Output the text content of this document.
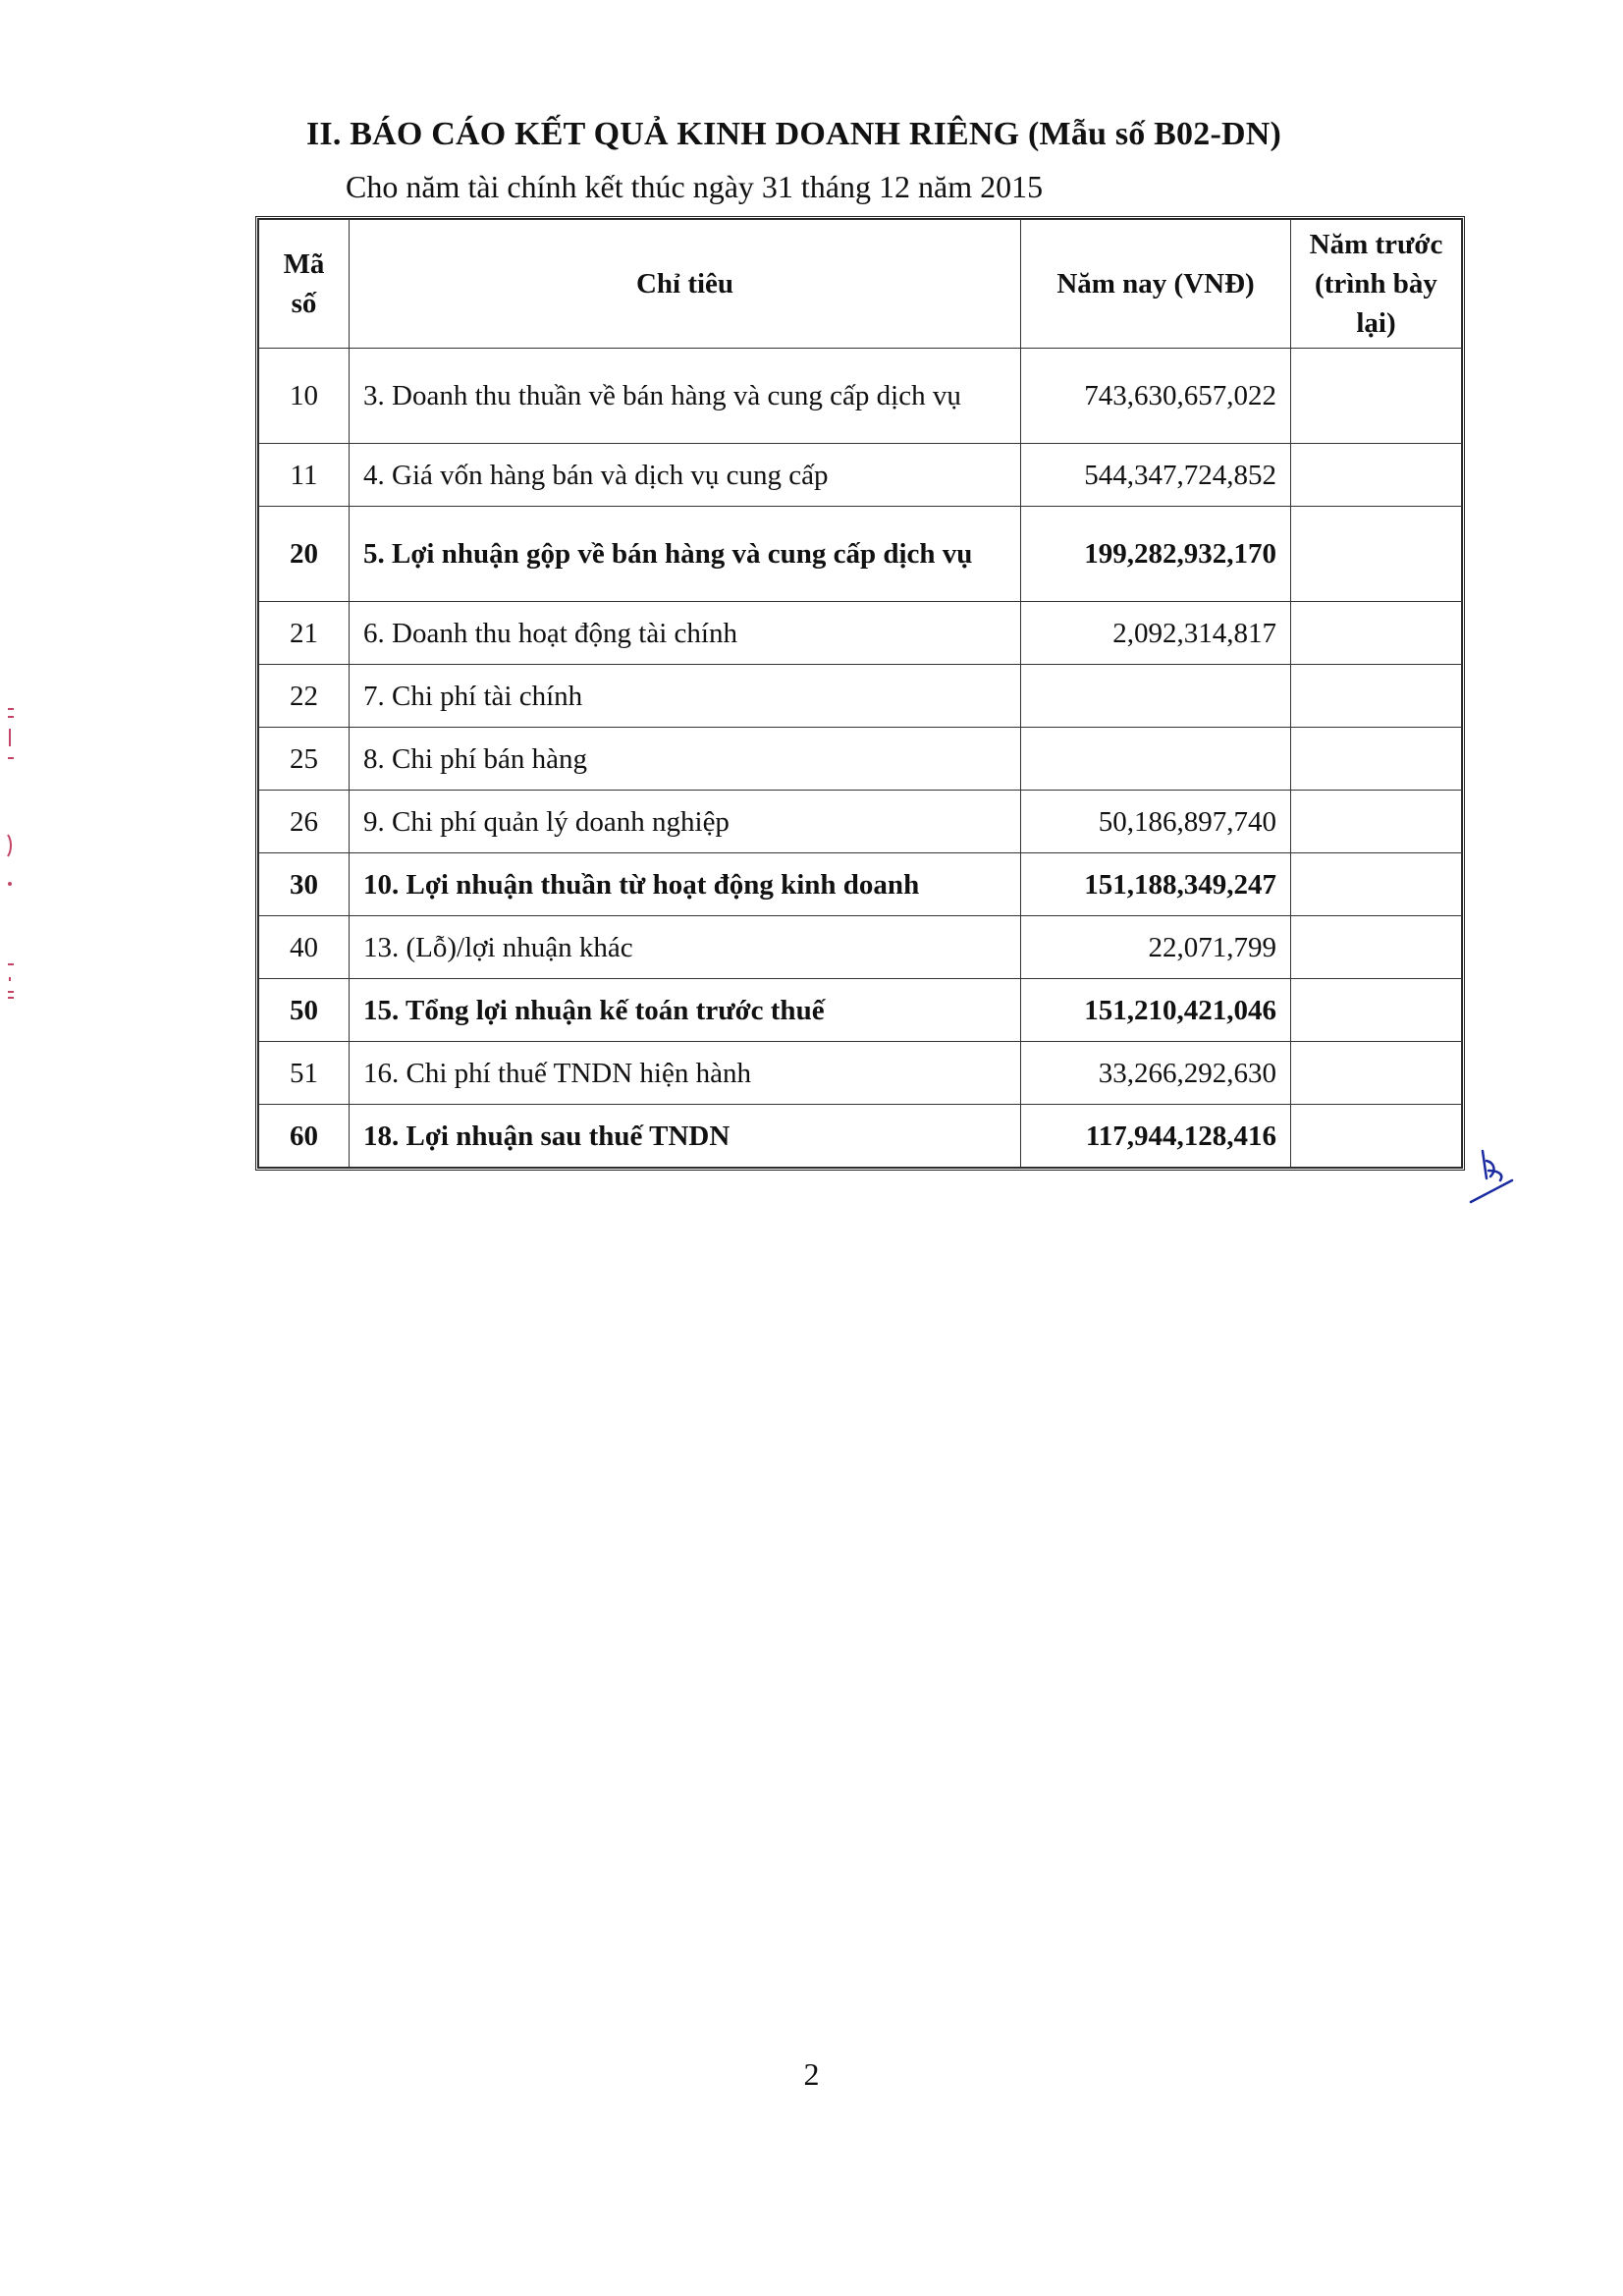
II. BÁO CÁO KẾT QUẢ KINH DOANH RIÊNG (Mẫu số B02-DN)
Cho năm tài chính kết thúc ngày 31 tháng 12 năm 2015
Mã số	Chỉ tiêu	Năm nay (VNĐ)	Năm trước (trình bày lại)
10	3. Doanh thu thuần về bán hàng và cung cấp dịch vụ	743,630,657,022	
11	4. Giá vốn hàng bán và dịch vụ cung cấp	544,347,724,852	
20	5. Lợi nhuận gộp về bán hàng và cung cấp dịch vụ	199,282,932,170	
21	6. Doanh thu hoạt động tài chính	2,092,314,817	
22	7. Chi phí tài chính		
25	8. Chi phí bán hàng		
26	9. Chi phí quản lý doanh nghiệp	50,186,897,740	
30	10. Lợi nhuận thuần từ hoạt động kinh doanh	151,188,349,247	
40	13. (Lỗ)/lợi nhuận khác	22,071,799	
50	15. Tổng lợi nhuận kế toán trước thuế	151,210,421,046	
51	16. Chi phí thuế TNDN hiện hành	33,266,292,630	
60	18. Lợi nhuận sau thuế TNDN	117,944,128,416	
2
